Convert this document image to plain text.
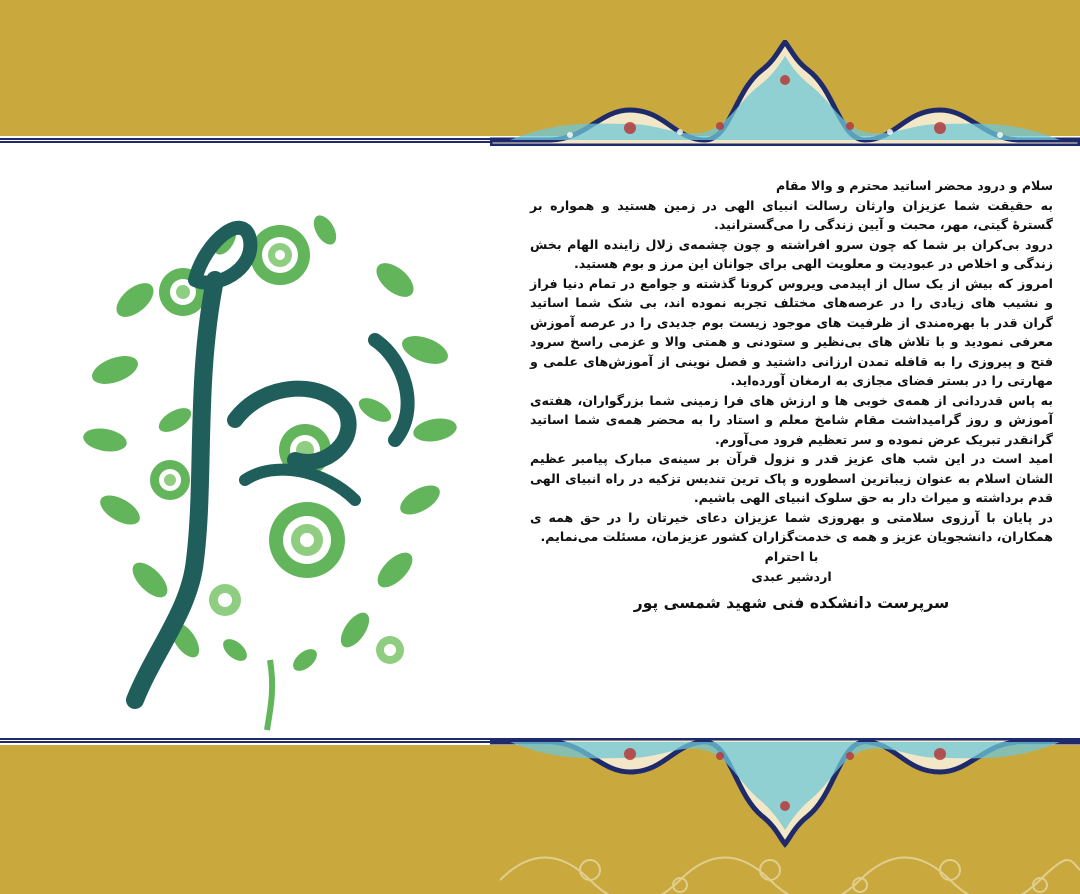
سلام و درود محضر اساتید محترم و والا مقام

به حقیقت شما عزیزان وارثان رسالت انبیای الهی در زمین هستید و همواره بر گسترهٔ گیتی، مهر، محبت و آیین زندگی را می‌گسترانید.

درود بی‌کران بر شما که چون سرو افراشته و چون چشمه‌ی زلال زاینده الهام بخش زندگی و اخلاص در عبودیت و معلویت الهی برای جوانان این مرز و بوم هستید.

امروز که بیش از یک سال از اپیدمی ویروس کرونا گذشته و جوامع در تمام دنیا فراز و نشیب های زیادی را در عرصه‌های مختلف تجربه نموده اند، بی شک شما اساتید گران قدر با بهره‌مندی از ظرفیت های موجود زیست بوم جدیدی را در عرصه آموزش معرفی نمودید و با تلاش های بی‌نظیر و ستودنی و همتی والا و عزمی راسخ سرود فتح و پیروزی را به قافله تمدن ارزانی داشتید و فصل نوینی از آموزش‌های علمی و مهارتی را در بستر فضای مجازی به ارمغان آورده‌اید.

به پاس قدردانی از همه‌ی خوبی ها و ارزش های فرا زمینی شما بزرگواران، هفته‌ی آموزش و روز گرامیداشت مقام شامخ معلم و استاد را به محضر همه‌ی شما اساتید گرانقدر تبریک عرض نموده و سر تعظیم فرود می‌آورم.

امید است در این شب های عزیز قدر و نزول قرآن بر سینه‌ی مبارک پیامبر عظیم الشان اسلام به عنوان زیباترین اسطوره و پاک ترین تندیس تزکیه در راه انبیای الهی قدم برداشته و میراث دار به حق سلوک انبیای الهی باشیم.

در پایان با آرزوی سلامتی و بهروزی شما عزیزان دعای خیرتان را در حق همه ی همکاران، دانشجویان عزیز و همه ی خدمت‌گزاران کشور عزیزمان، مسئلت می‌نمایم.

با احترام
اردشیر عبدی
سرپرست دانشکده فنی شهید شمسی پور
